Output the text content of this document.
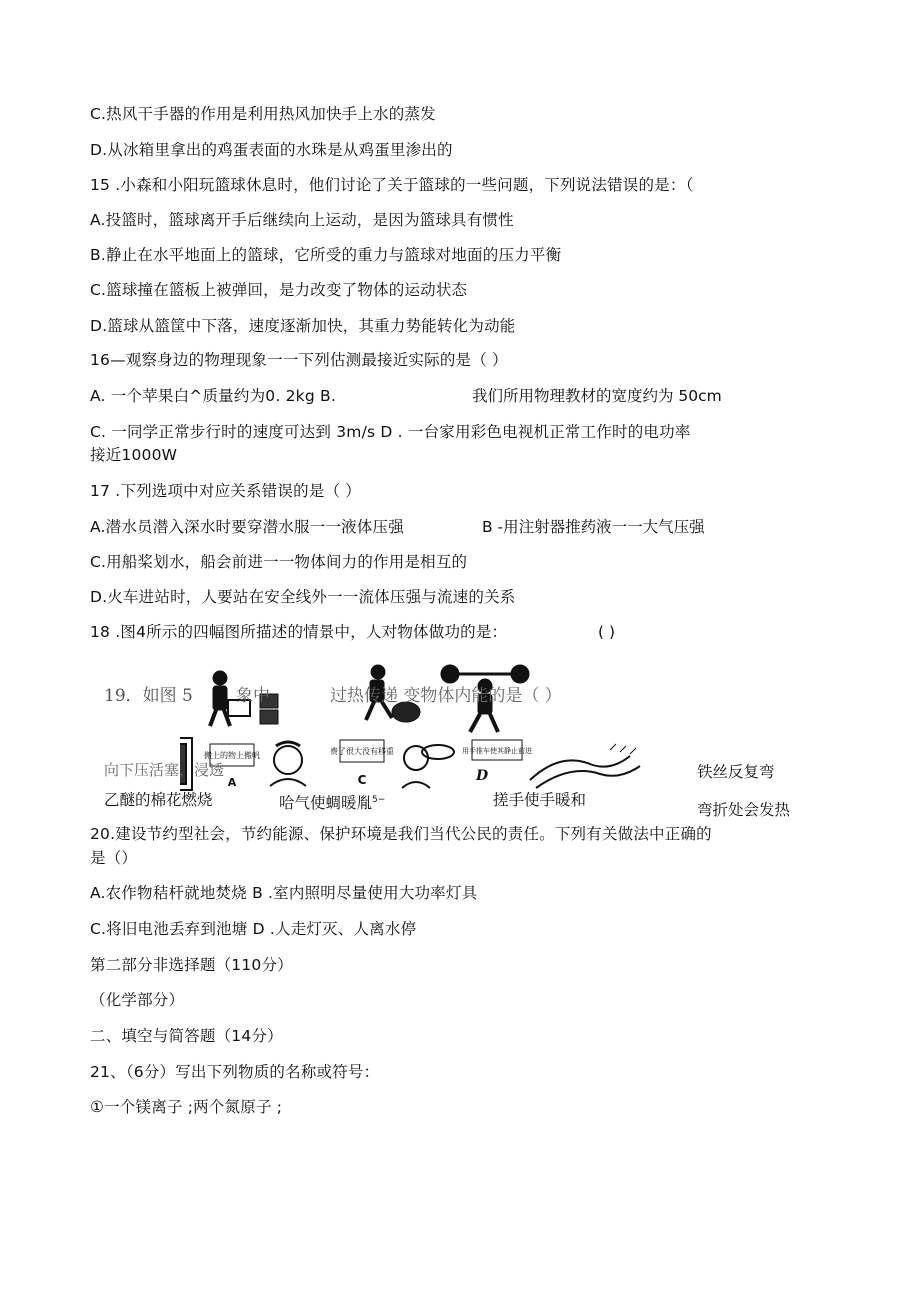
C.热风干手器的作用是利用热风加快手上水的蒸发
D.从冰箱里拿出的鸡蛋表面的水珠是从鸡蛋里渗出的
15 .小森和小阳玩篮球休息时，他们讨论了关于篮球的一些问题，下列说法错误的是：（
A.投篮时，篮球离开手后继续向上运动，是因为篮球具有惯性
B.静止在水平地面上的篮球，它所受的重力与篮球对地面的压力平衡
C.篮球撞在篮板上被弹回，是力改变了物体的运动状态
D.篮球从篮筐中下落，速度逐渐加快，其重力势能转化为动能
16—观察身边的物理现象一一下列估测最接近实际的是（ ）
A. 一个苹果白^质量约为0. 2kg B.	我们所用物理教材的宽度约为 50cm
C. 一同学正常步行时的速度可达到 3m/s D . 一台家用彩色电视机正常工作时的电功率
接近1000W
17 .下列选项中对应关系错误的是（ ）
A.潜水员潜入深水时要穿潜水服一一液体压强	B -用注射器推药液一一大气压强
C.用船桨划水，船会前进一一物体间力的作用是相互的
D.火车进站时，人要站在安全线外一一流体压强与流速的关系
18 .图4所示的四幅图所描述的情景中，人对物体做功的是：	( )
搬上的物上搬帆
A
费了很大没有移重
C
用手推车使其静止前进
D
19．如图 5	象中	过热传递 变物体内能的是（ ）
向下压活塞，浸透
乙醚的棉花燃烧	哈气使蜩暖胤$^{5-}$	搓手使手暖和
铁丝反复弯
弯折处会发热
20.建设节约型社会，节约能源、保护环境是我们当代公民的责任。下列有关做法中正确的
是（）
A.农作物秸杆就地焚烧 B .室内照明尽量使用大功率灯具
C.将旧电池丢弃到池塘 D .人走灯灭、人离水停
第二部分非选择题（110分）
（化学部分）
二、填空与简答题（14分）
21、（6分）写出下列物质的名称或符号：
①一个镁离子 ;两个氮原子 ;
